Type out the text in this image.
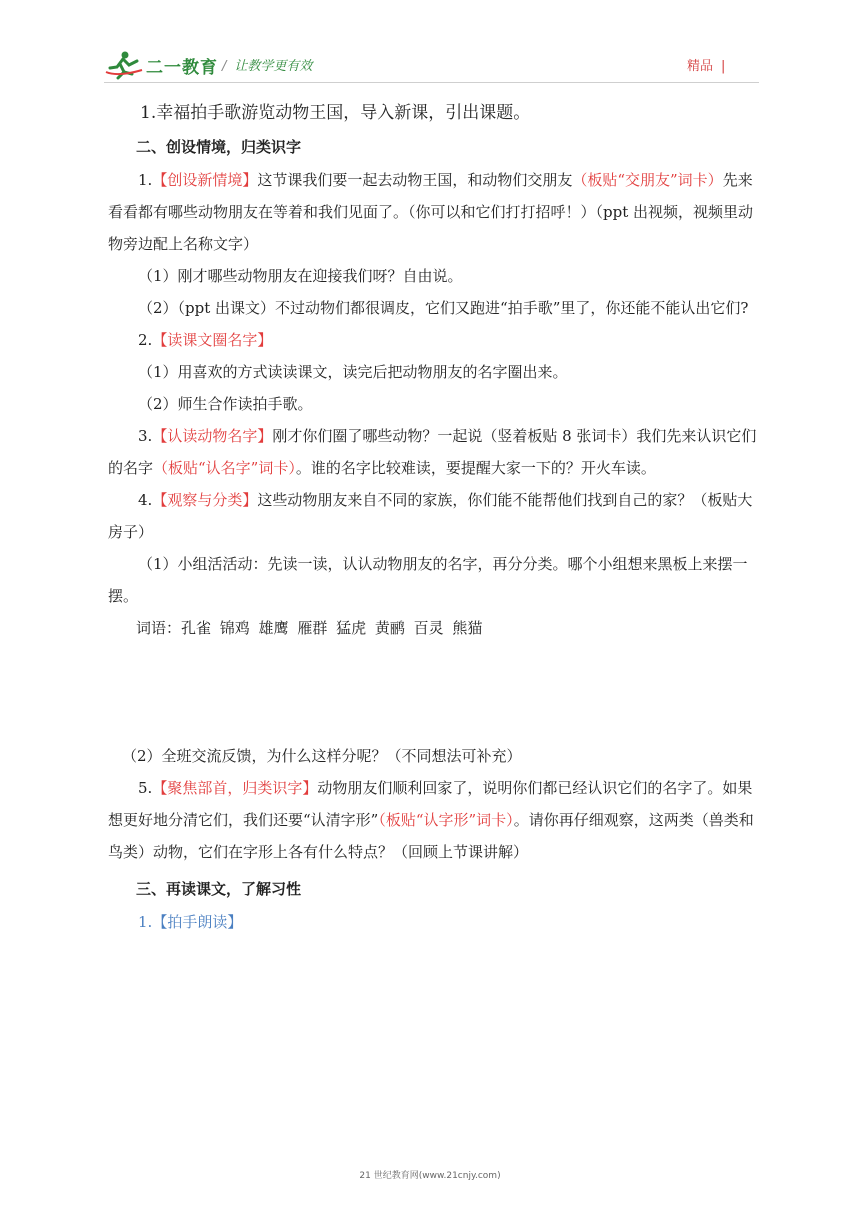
二一教育 / 让教学更有效	精品 |

1.幸福拍手歌游览动物王国，导入新课，引出课题。

二、创设情境，归类识字

1.【创设新情境】这节课我们要一起去动物王国，和动物们交朋友（板贴“交朋友”词卡）先来看看都有哪些动物朋友在等着和我们见面了。（你可以和它们打打招呼！）（ppt 出视频，视频里动物旁边配上名称文字）

（1）刚才哪些动物朋友在迎接我们呀？自由说。

（2）（ppt 出课文）不过动物们都很调皮，它们又跑进“拍手歌”里了，你还能不能认出它们?

2.【读课文圈名字】

（1）用喜欢的方式读读课文，读完后把动物朋友的名字圈出来。

（2）师生合作读拍手歌。

3.【认读动物名字】刚才你们圈了哪些动物？一起说（竖着板贴 8 张词卡）我们先来认识它们的名字（板贴“认名字”词卡）。谁的名字比较难读，要提醒大家一下的？开火车读。

4.【观察与分类】这些动物朋友来自不同的家族，你们能不能帮他们找到自己的家？（板贴大房子）

（1）小组活活动：先读一读，认认动物朋友的名字，再分分类。哪个小组想来黑板上来摆一摆。

词语：孔雀 锦鸡 雄鹰 雁群 猛虎 黄鹂 百灵 熊猫

（2）全班交流反馈，为什么这样分呢？（不同想法可补充）

5.【聚焦部首，归类识字】动物朋友们顺利回家了，说明你们都已经认识它们的名字了。如果想更好地分清它们，我们还要“认清字形”（板贴“认字形”词卡）。请你再仔细观察，这两类（兽类和鸟类）动物，它们在字形上各有什么特点？（回顾上节课讲解）

三、再读课文，了解习性

1.【拍手朗读】

21 世纪教育网(www.21cnjy.com)
